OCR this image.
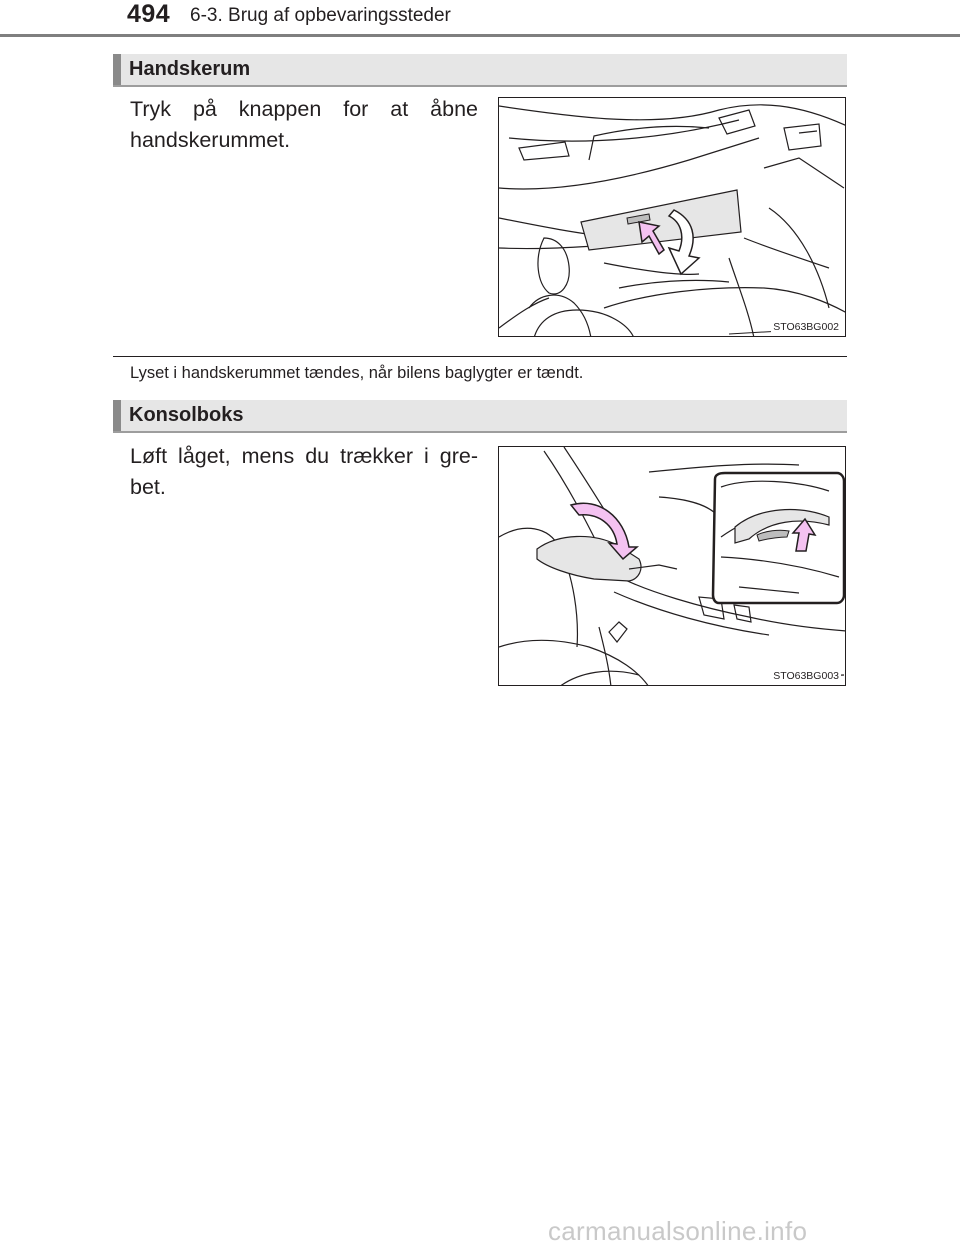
494 6-3. Brug af opbevaringssteder
Handskerum
Tryk på knappen for at åbne handskerummet.
STO63BG002
Lyset i handskerummet tændes, når bilens baglygter er tændt.
Konsolboks
Løft låget, mens du trækker i gre-bet.
STO63BG003
carmanualsonline.info
